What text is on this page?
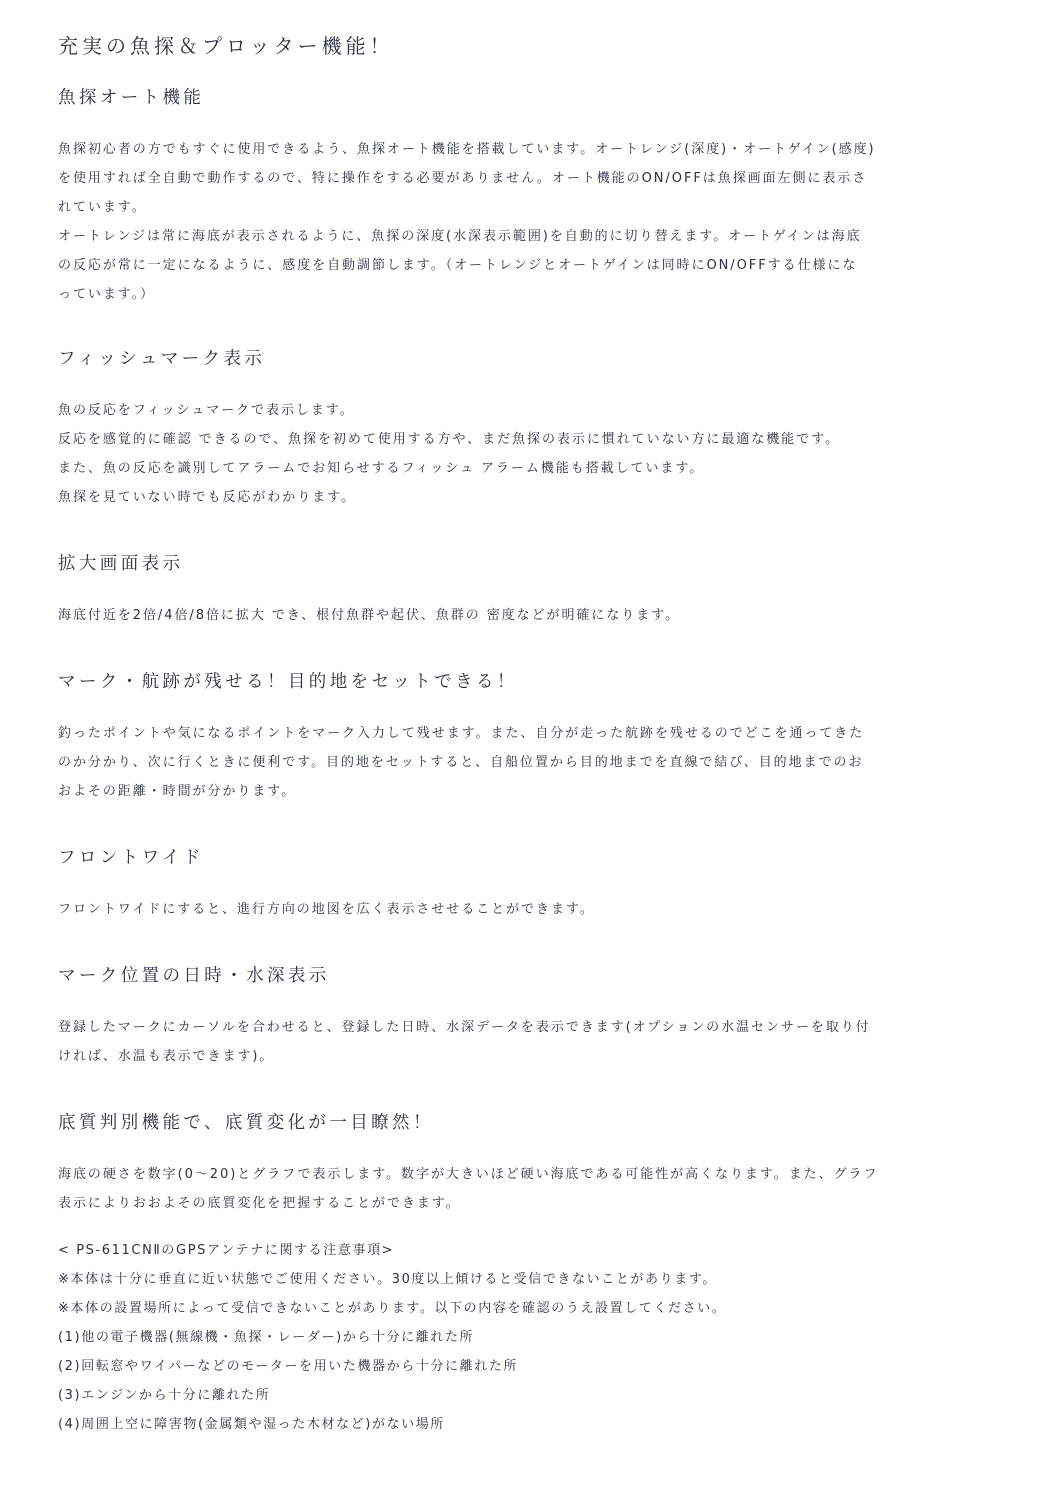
充実の魚探＆プロッター機能！
魚探オート機能

魚探初心者の方でもすぐに使用できるよう、魚探オート機能を搭載しています。オートレンジ(深度)・オートゲイン(感度)

を使用すれば全自動で動作するので、特に操作をする必要がありません。オート機能のON/OFFは魚探画面左側に表示さ

れています。

オートレンジは常に海底が表示されるように、魚探の深度(水深表示範囲)を自動的に切り替えます。オートゲインは海底

の反応が常に一定になるように、感度を自動調節します。（オートレンジとオートゲインは同時にON/OFFする仕様にな

っています。）

フィッシュマーク表示

魚の反応をフィッシュマークで表示します。

反応を感覚的に確認 できるので、魚探を初めて使用する方や、まだ魚探の表示に慣れていない方に最適な機能です。

また、魚の反応を識別してアラームでお知らせするフィッシュ アラーム機能も搭載しています。

魚探を見ていない時でも反応がわかります。

拡大画面表示

海底付近を2倍/4倍/8倍に拡大 でき、根付魚群や起伏、魚群の 密度などが明確になります。

マーク・航跡が残せる！目的地をセットできる！

釣ったポイントや気になるポイントをマーク入力して残せます。また、自分が走った航跡を残せるのでどこを通ってきた

のか分かり、次に行くときに便利です。目的地をセットすると、自船位置から目的地までを直線で結び、目的地までのお

およその距離・時間が分かります。

フロントワイド

フロントワイドにすると、進行方向の地図を広く表示させせることができます。

マーク位置の日時・水深表示

登録したマークにカーソルを合わせると、登録した日時、水深データを表示できます(オプションの水温センサーを取り付

ければ、水温も表示できます)。

底質判別機能で、底質変化が一目瞭然！

海底の硬さを数字(0～20)とグラフで表示します。数字が大きいほど硬い海底である可能性が高くなります。また、グラフ

表示によりおおよその底質変化を把握することができます。

< PS-611CNⅡのGPSアンテナに関する注意事項>

※本体は十分に垂直に近い状態でご使用ください。30度以上傾けると受信できないことがあります。

※本体の設置場所によって受信できないことがあります。以下の内容を確認のうえ設置してください。

(1)他の電子機器(無線機・魚探・レーダー)から十分に離れた所

(2)回転窓やワイパーなどのモーターを用いた機器から十分に離れた所

(3)エンジンから十分に離れた所

(4)周囲上空に障害物(金属類や湿った木材など)がない場所
